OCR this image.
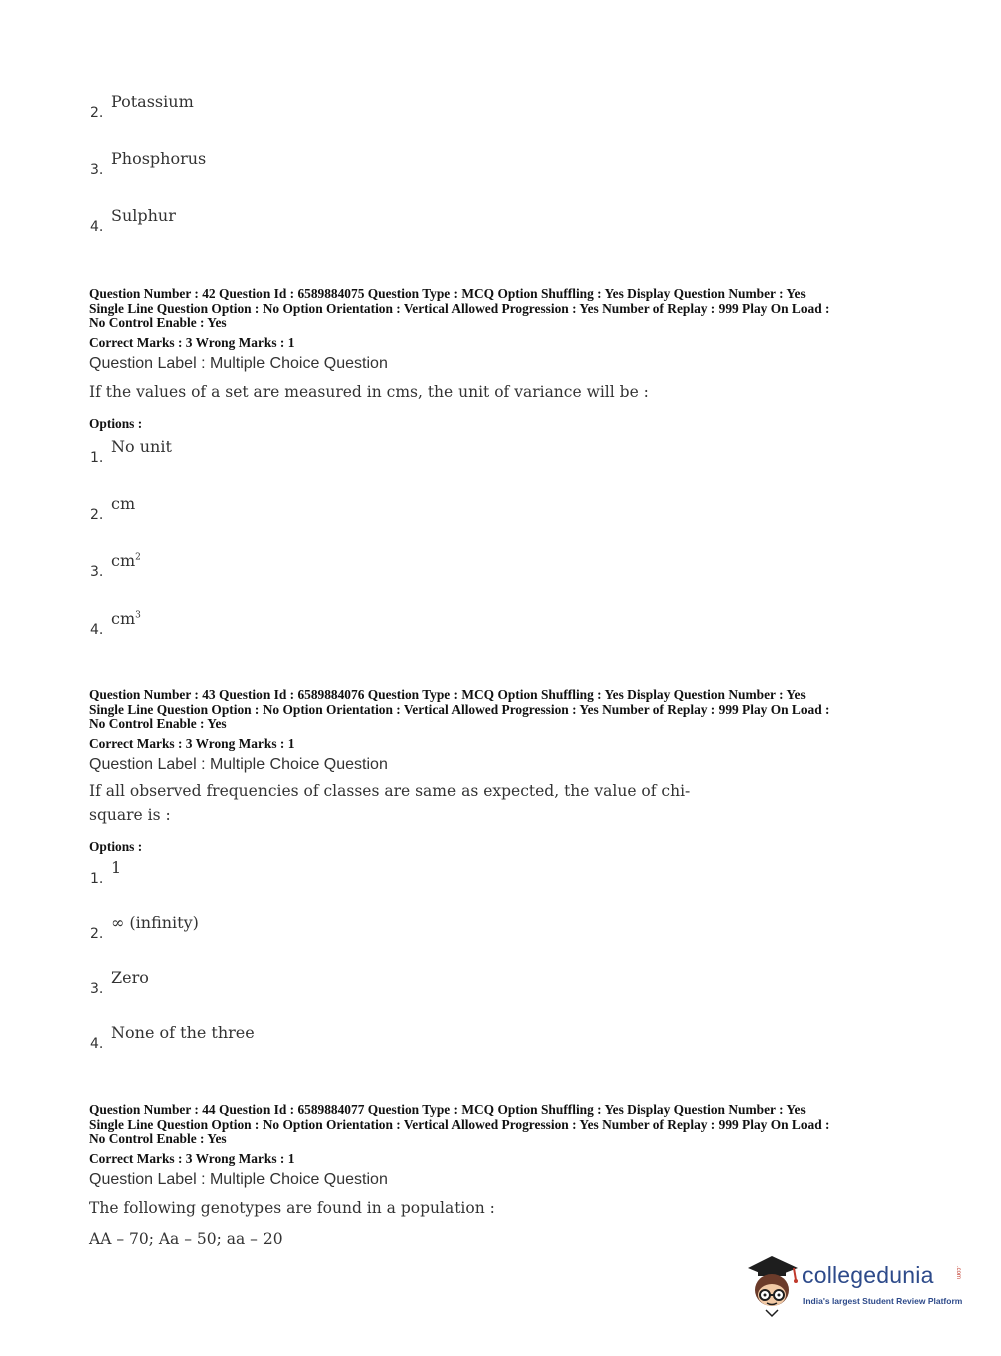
2.
Potassium
3.
Phosphorus
4.
Sulphur
Question Number : 42 Question Id : 6589884075 Question Type : MCQ Option Shuffling : Yes Display Question Number : Yes
Single Line Question Option : No Option Orientation : Vertical Allowed Progression : Yes Number of Replay : 999 Play On Load :
No Control Enable : Yes
Correct Marks : 3 Wrong Marks : 1
Question Label : Multiple Choice Question
If the values of a set are measured in cms, the unit of variance will be :
Options :
1.
No unit
2.
cm
3.
$cm^2$
4.
$cm^3$
Question Number : 43 Question Id : 6589884076 Question Type : MCQ Option Shuffling : Yes Display Question Number : Yes
Single Line Question Option : No Option Orientation : Vertical Allowed Progression : Yes Number of Replay : 999 Play On Load :
No Control Enable : Yes
Correct Marks : 3 Wrong Marks : 1
Question Label : Multiple Choice Question
If all observed frequencies of classes are same as expected, the value of chi-
square is :
Options :
1.
1
2.
∞ (infinity)
3.
Zero
4.
None of the three
Question Number : 44 Question Id : 6589884077 Question Type : MCQ Option Shuffling : Yes Display Question Number : Yes
Single Line Question Option : No Option Orientation : Vertical Allowed Progression : Yes Number of Replay : 999 Play On Load :
No Control Enable : Yes
Correct Marks : 3 Wrong Marks : 1
Question Label : Multiple Choice Question
The following genotypes are found in a population :
AA – 70; Aa – 50; aa – 20
collegedunia	.com
India's largest Student Review Platform
